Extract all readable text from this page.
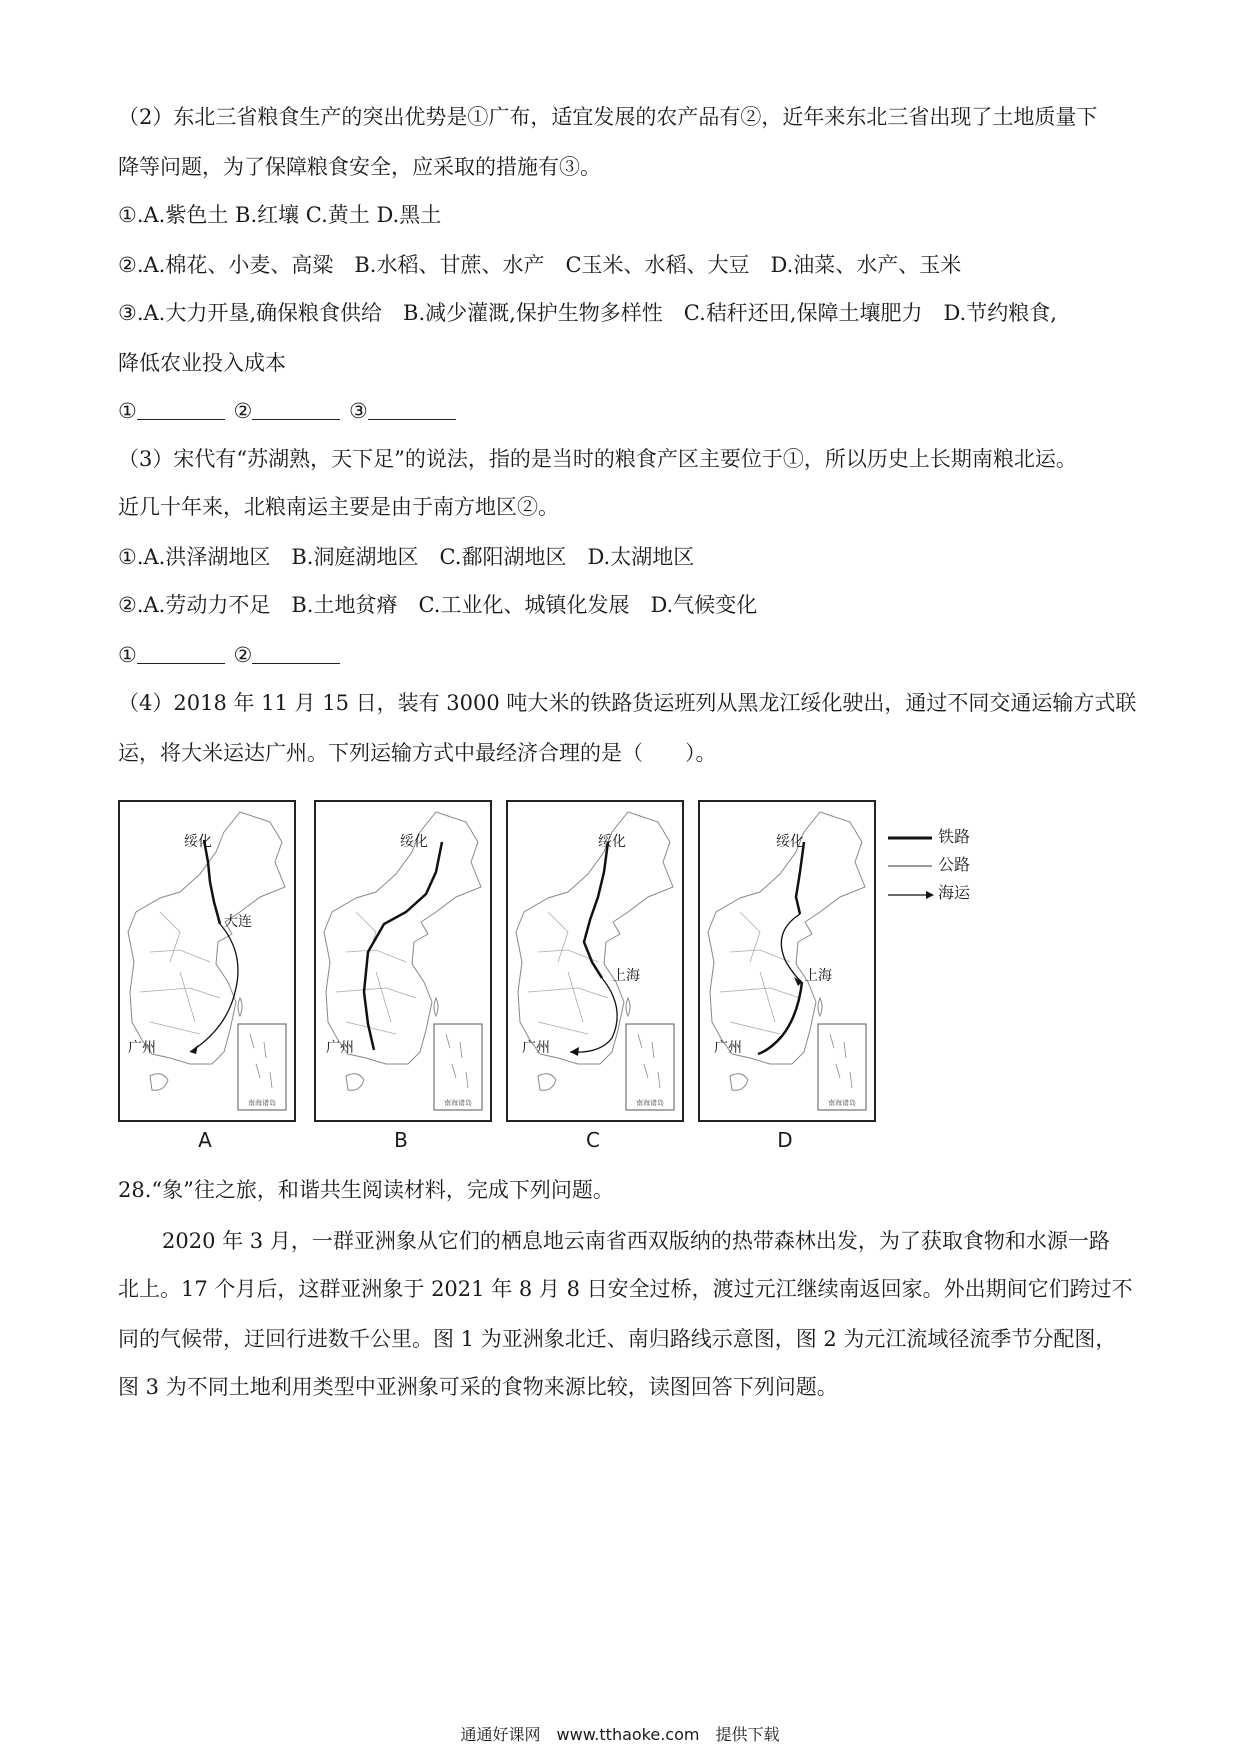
（2）东北三省粮食生产的突出优势是①广布，适宜发展的农产品有②，近年来东北三省出现了土地质量下
降等问题，为了保障粮食安全，应采取的措施有③。
①.A.紫色土 B.红壤 C.黄土 D.黑土
②.A.棉花、小麦、高粱　B.水稻、甘蔗、水产　C玉米、水稻、大豆　D.油菜、水产、玉米
③.A.大力开垦,确保粮食供给　B.减少灌溉,保护生物多样性　C.秸秆还田,保障土壤肥力　D.节约粮食,
降低农业投入成本
①	②	③
（3）宋代有“苏湖熟，天下足”的说法，指的是当时的粮食产区主要位于①，所以历史上长期南粮北运。
近几十年来，北粮南运主要是由于南方地区②。
①.A.洪泽湖地区　B.洞庭湖地区　C.鄱阳湖地区　D.太湖地区
②.A.劳动力不足　B.土地贫瘠　C.工业化、城镇化发展　D.气候变化
①	②
（4）2018 年 11 月 15 日，装有 3000 吨大米的铁路货运班列从黑龙江绥化驶出，通过不同交通运输方式联
运，将大米运达广州。下列运输方式中最经济合理的是（　　）。
南海诸岛
绥化
大连
广州
A
南海诸岛
绥化
广州
B
南海诸岛
绥化
上海
广州
C
南海诸岛
绥化
上海
广州
D
铁路
公路
海运
28.“象”往之旅，和谐共生阅读材料，完成下列问题。
2020 年 3 月，一群亚洲象从它们的栖息地云南省西双版纳的热带森林出发，为了获取食物和水源一路
北上。17 个月后，这群亚洲象于 2021 年 8 月 8 日安全过桥，渡过元江继续南返回家。外出期间它们跨过不
同的气候带，迂回行进数千公里。图 1 为亚洲象北迁、南归路线示意图，图 2 为元江流域径流季节分配图，
图 3 为不同土地利用类型中亚洲象可采的食物来源比较，读图回答下列问题。
通通好课网　www.tthaoke.com　提供下载
